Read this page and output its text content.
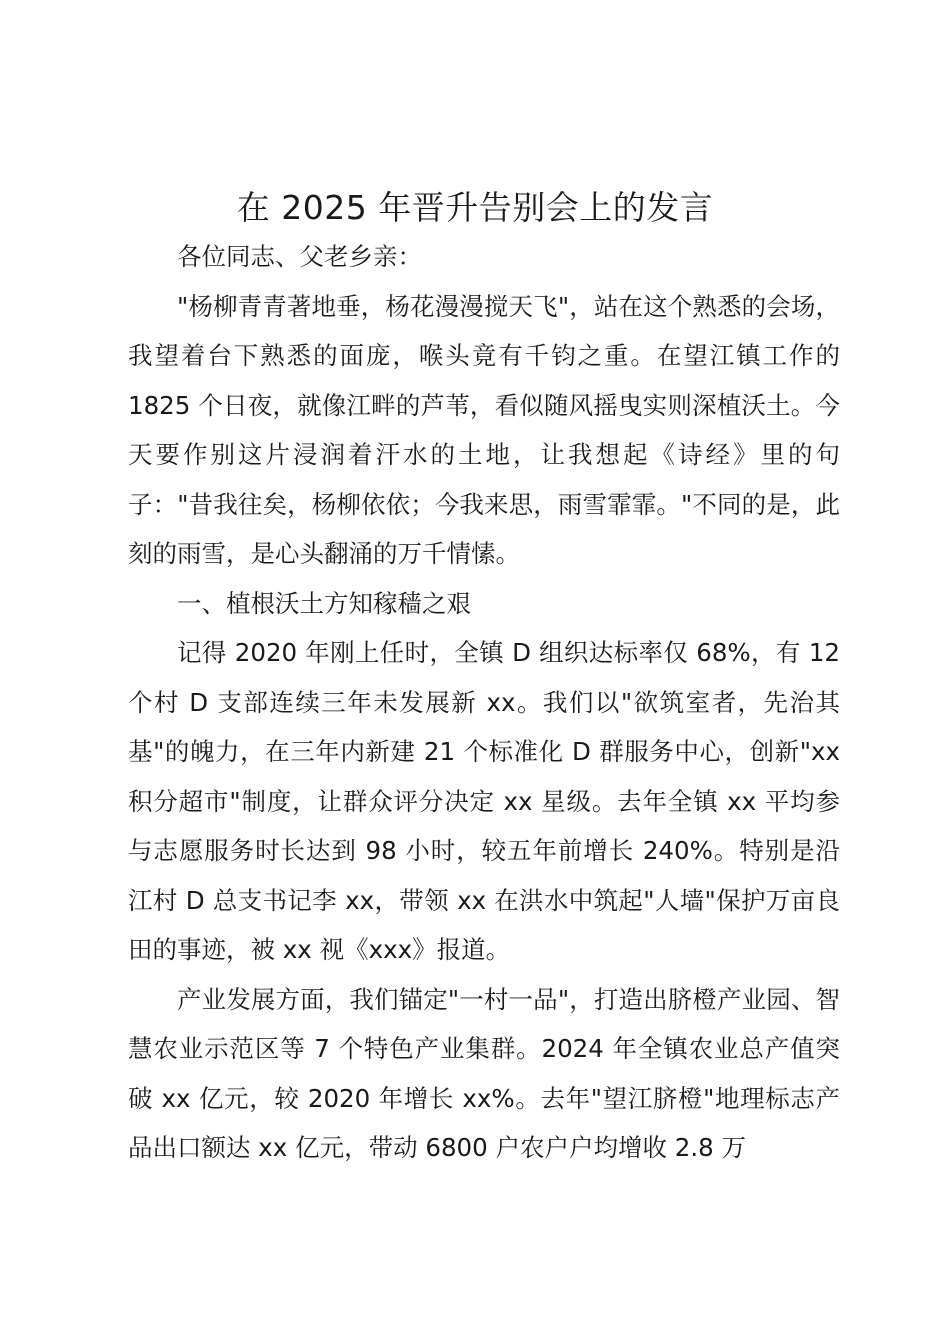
在 2025 年晋升告别会上的发言

各位同志、父老乡亲：

"杨柳青青著地垂，杨花漫漫搅天飞"，站在这个熟悉的会场，我望着台下熟悉的面庞，喉头竟有千钧之重。在望江镇工作的 1825 个日夜，就像江畔的芦苇，看似随风摇曳实则深植沃土。今天要作别这片浸润着汗水的土地，让我想起《诗经》里的句子："昔我往矣，杨柳依依；今我来思，雨雪霏霏。"不同的是，此刻的雨雪，是心头翻涌的万千情愫。

一、植根沃土方知稼穑之艰

记得 2020 年刚上任时，全镇 D 组织达标率仅 68%，有 12 个村 D 支部连续三年未发展新 xx。我们以"欲筑室者，先治其基"的魄力，在三年内新建 21 个标准化 D 群服务中心，创新"xx 积分超市"制度，让群众评分决定 xx 星级。去年全镇 xx 平均参与志愿服务时长达到 98 小时，较五年前增长 240%。特别是沿江村 D 总支书记李 xx，带领 xx 在洪水中筑起"人墙"保护万亩良田的事迹，被 xx 视《xxx》报道。

产业发展方面，我们锚定"一村一品"，打造出脐橙产业园、智慧农业示范区等 7 个特色产业集群。2024 年全镇农业总产值突破 xx 亿元，较 2020 年增长 xx%。去年"望江脐橙"地理标志产品出口额达 xx 亿元，带动 6800 户农户户均增收 2.8 万
